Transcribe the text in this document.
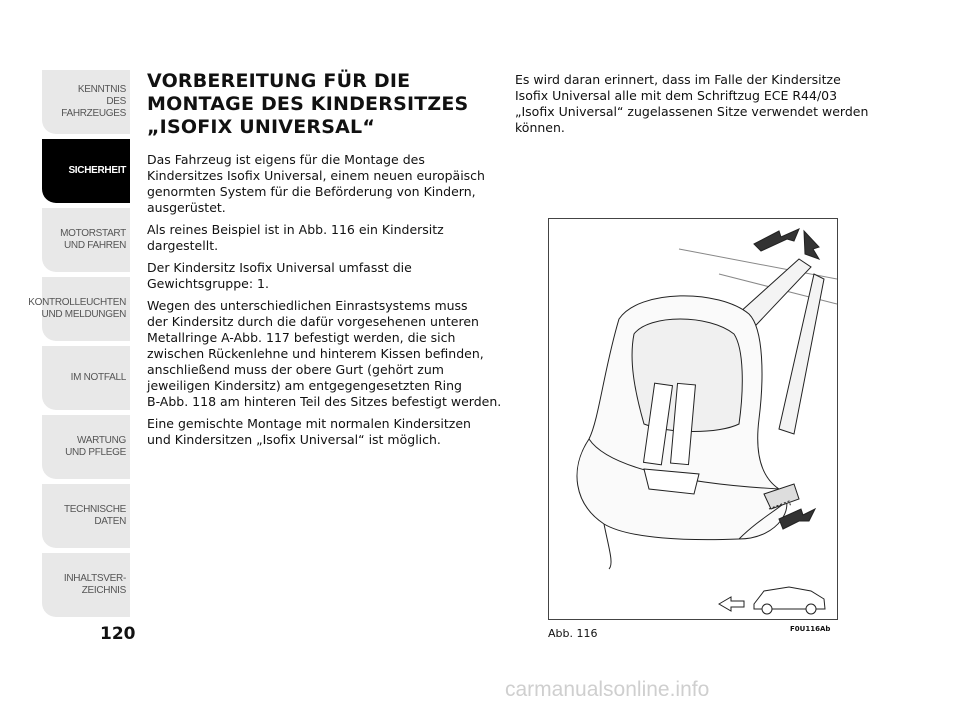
KENNTNIS
DES FAHRZEUGES
SICHERHEIT
MOTORSTART
UND FAHREN
KONTROLLEUCHTEN
UND MELDUNGEN
IM NOTFALL
WARTUNG
UND PFLEGE
TECHNISCHE
DATEN
INHALTSVER-
ZEICHNIS
120
VORBEREITUNG FÜR DIE MONTAGE DES KINDERSITZES „ISOFIX UNIVERSAL“

Das Fahrzeug ist eigens für die Montage des
Kindersitzes Isofix Universal, einem neuen europäisch
genormten System für die Beförderung von Kindern,
ausgerüstet.

Als reines Beispiel ist in Abb. 116 ein Kindersitz
dargestellt.

Der Kindersitz Isofix Universal umfasst die
Gewichtsgruppe: 1.

Wegen des unterschiedlichen Einrastsystems muss
der Kindersitz durch die dafür vorgesehenen unteren
Metallringe A-Abb. 117 befestigt werden, die sich
zwischen Rückenlehne und hinterem Kissen befinden,
anschließend muss der obere Gurt (gehört zum
jeweiligen Kindersitz) am entgegengesetzten Ring
B-Abb. 118 am hinteren Teil des Sitzes befestigt werden.

Eine gemischte Montage mit normalen Kindersitzen
und Kindersitzen „Isofix Universal“ ist möglich.

Es wird daran erinnert, dass im Falle der Kindersitze
Isofix Universal alle mit dem Schriftzug ECE R44/03
„Isofix Universal“ zugelassenen Sitze verwendet werden
können.

Abb. 116	F0U116Ab
carmanualsonline.info
